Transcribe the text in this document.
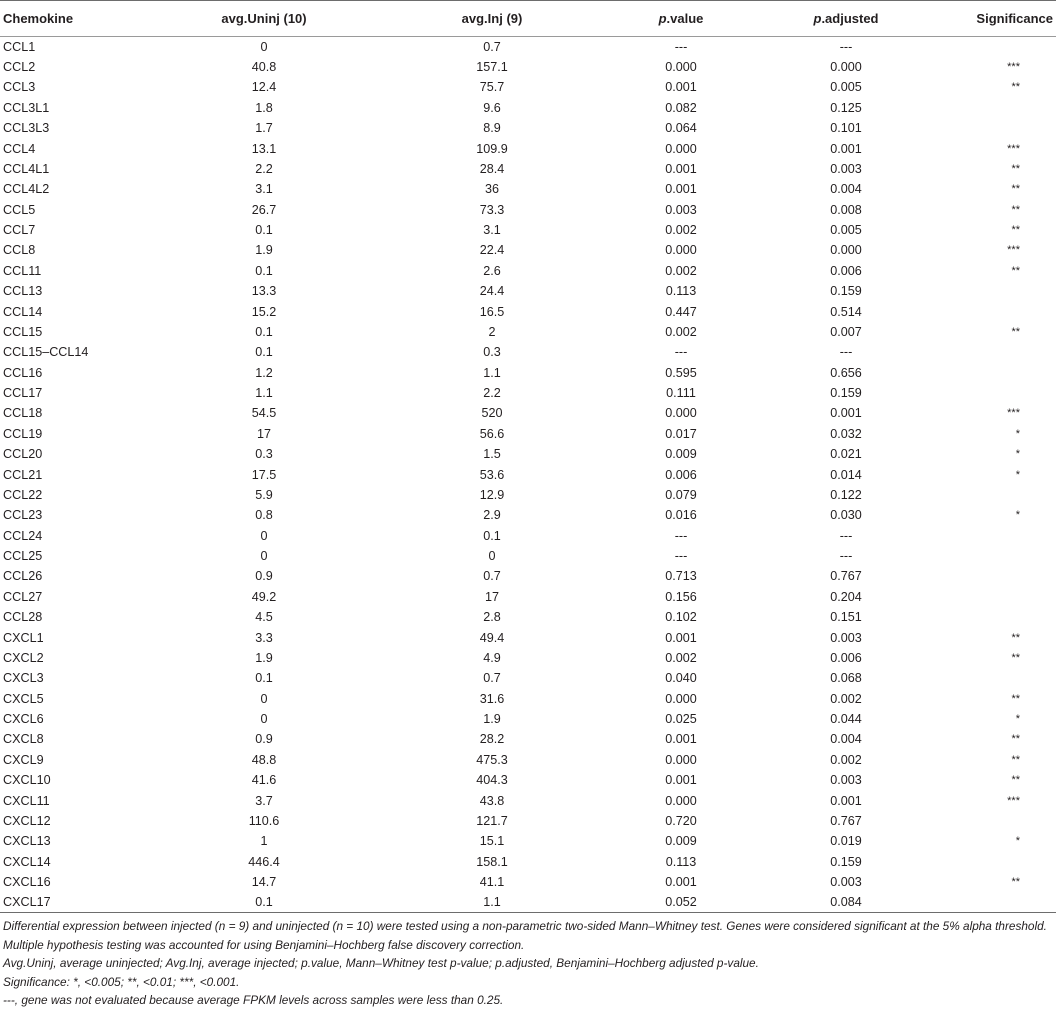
Chemokine	avg.Uninj (10)	avg.Inj (9)	p.value	p.adjusted	Significance
CCL1	0	0.7	---	---	
CCL2	40.8	157.1	0.000	0.000	***
CCL3	12.4	75.7	0.001	0.005	**
CCL3L1	1.8	9.6	0.082	0.125	
CCL3L3	1.7	8.9	0.064	0.101	
CCL4	13.1	109.9	0.000	0.001	***
CCL4L1	2.2	28.4	0.001	0.003	**
CCL4L2	3.1	36	0.001	0.004	**
CCL5	26.7	73.3	0.003	0.008	**
CCL7	0.1	3.1	0.002	0.005	**
CCL8	1.9	22.4	0.000	0.000	***
CCL11	0.1	2.6	0.002	0.006	**
CCL13	13.3	24.4	0.113	0.159	
CCL14	15.2	16.5	0.447	0.514	
CCL15	0.1	2	0.002	0.007	**
CCL15–CCL14	0.1	0.3	---	---	
CCL16	1.2	1.1	0.595	0.656	
CCL17	1.1	2.2	0.111	0.159	
CCL18	54.5	520	0.000	0.001	***
CCL19	17	56.6	0.017	0.032	*
CCL20	0.3	1.5	0.009	0.021	*
CCL21	17.5	53.6	0.006	0.014	*
CCL22	5.9	12.9	0.079	0.122	
CCL23	0.8	2.9	0.016	0.030	*
CCL24	0	0.1	---	---	
CCL25	0	0	---	---	
CCL26	0.9	0.7	0.713	0.767	
CCL27	49.2	17	0.156	0.204	
CCL28	4.5	2.8	0.102	0.151	
CXCL1	3.3	49.4	0.001	0.003	**
CXCL2	1.9	4.9	0.002	0.006	**
CXCL3	0.1	0.7	0.040	0.068	
CXCL5	0	31.6	0.000	0.002	**
CXCL6	0	1.9	0.025	0.044	*
CXCL8	0.9	28.2	0.001	0.004	**
CXCL9	48.8	475.3	0.000	0.002	**
CXCL10	41.6	404.3	0.001	0.003	**
CXCL11	3.7	43.8	0.000	0.001	***
CXCL12	110.6	121.7	0.720	0.767	
CXCL13	1	15.1	0.009	0.019	*
CXCL14	446.4	158.1	0.113	0.159	
CXCL16	14.7	41.1	0.001	0.003	**
CXCL17	0.1	1.1	0.052	0.084	

Differential expression between injected (n = 9) and uninjected (n = 10) were tested using a non-parametric two-sided Mann–Whitney test. Genes were considered significant at the 5% alpha threshold. Multiple hypothesis testing was accounted for using Benjamini–Hochberg false discovery correction.

Avg.Uninj, average uninjected; Avg.Inj, average injected; p.value, Mann–Whitney test p-value; p.adjusted, Benjamini–Hochberg adjusted p-value.

Significance: *, <0.005; **, <0.01; ***, <0.001.

---, gene was not evaluated because average FPKM levels across samples were less than 0.25.
